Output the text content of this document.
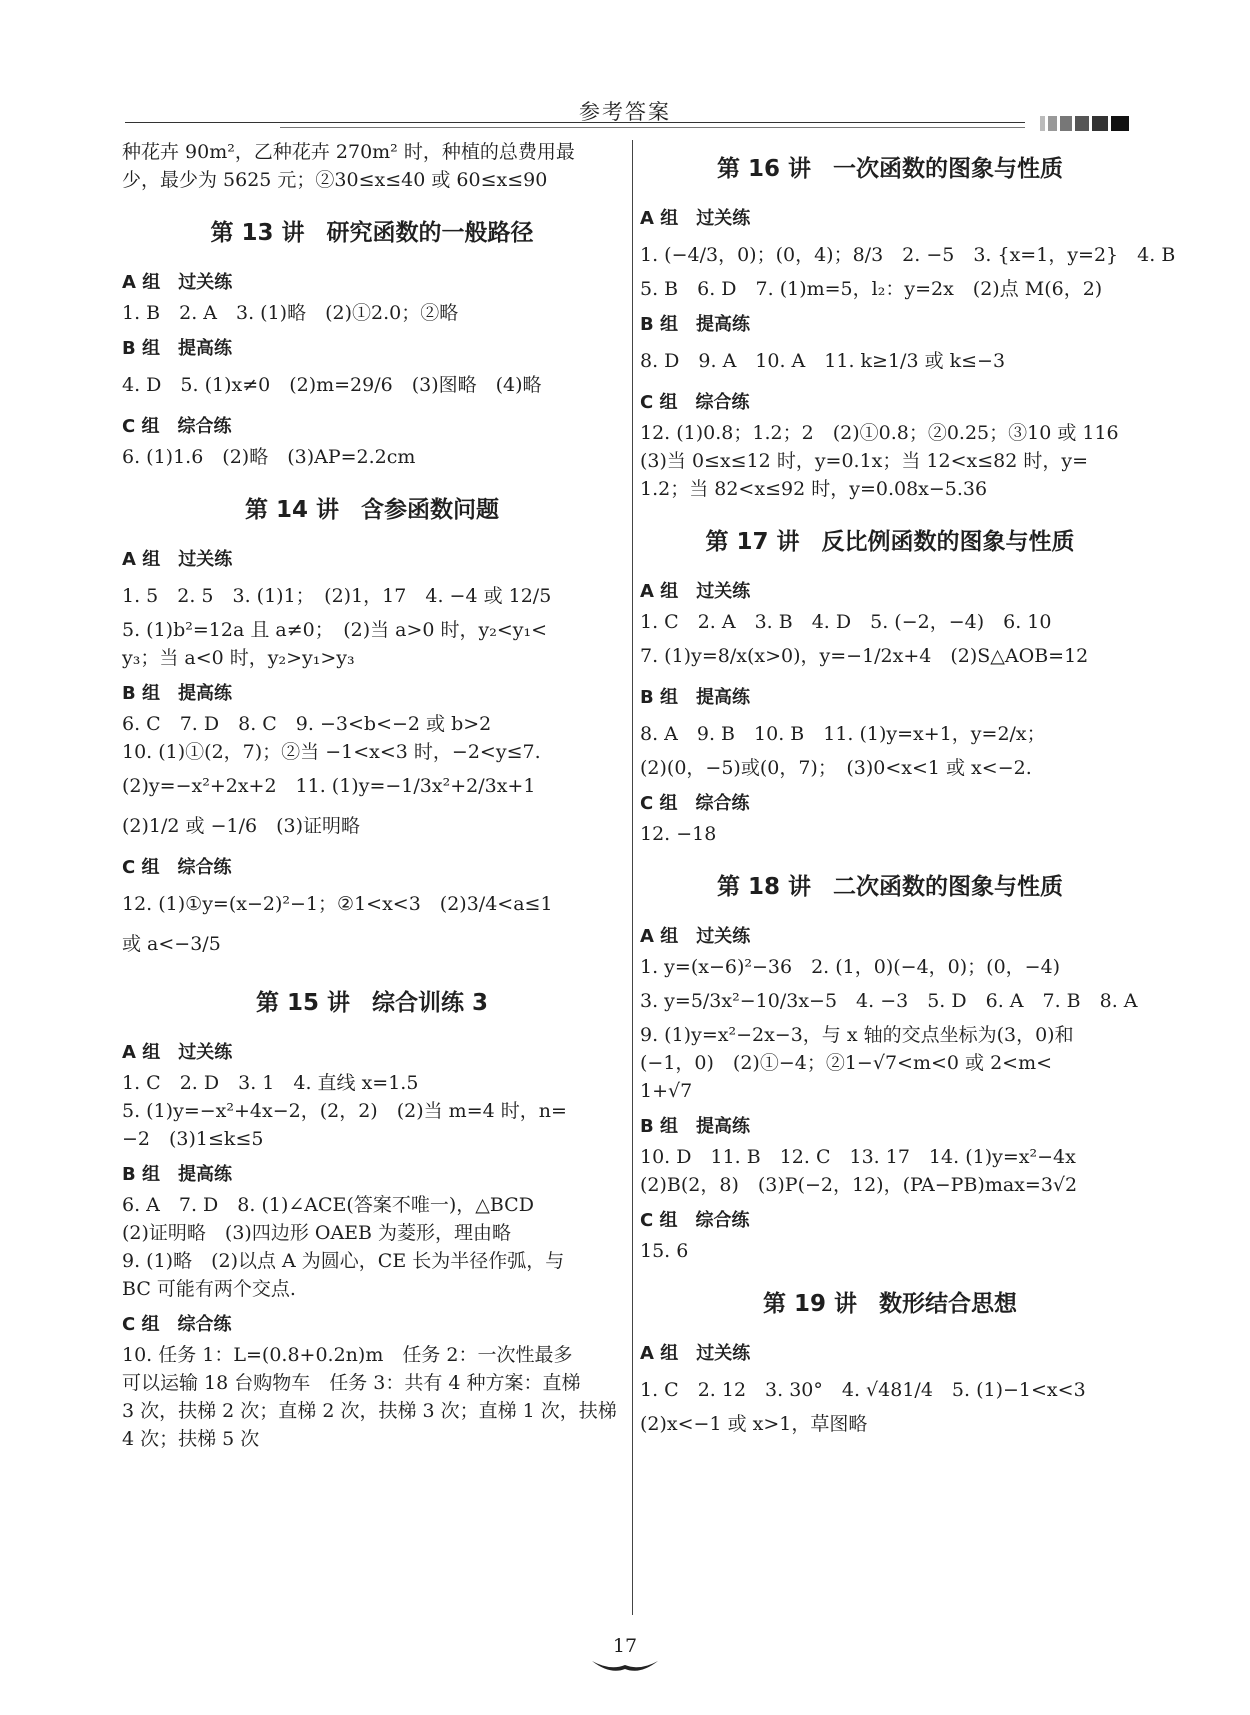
参考答案
种花卉 90m²，乙种花卉 270m² 时，种植的总费用最
少，最少为 5625 元；②30≤x≤40 或 60≤x≤90
第 13 讲 研究函数的一般路径
A 组 过关练
1. B　2. A　3. (1)略　(2)①2.0；②略
B 组 提高练
4. D　5. (1)x≠0　(2)m=29/6　(3)图略　(4)略
C 组 综合练
6. (1)1.6　(2)略　(3)AP=2.2cm
第 14 讲 含参函数问题
A 组 过关练
1. 5　2. 5　3. (1)1；　(2)1，17　4. −4 或 12/5
5. (1)b²=12a 且 a≠0；　(2)当 a>0 时，y₂<y₁<
y₃；当 a<0 时，y₂>y₁>y₃
B 组 提高练
6. C　7. D　8. C　9. −3<b<−2 或 b>2
10. (1)①(2，7)；②当 −1<x<3 时，−2<y≤7.
(2)y=−x²+2x+2　11. (1)y=−1/3x²+2/3x+1
(2)1/2 或 −1/6　(3)证明略
C 组 综合练
12. (1)①y=(x−2)²−1；②1<x<3　(2)3/4<a≤1
或 a<−3/5
第 15 讲 综合训练 3
A 组 过关练
1. C　2. D　3. 1　4. 直线 x=1.5
5. (1)y=−x²+4x−2，(2，2)　(2)当 m=4 时，n=
−2　(3)1≤k≤5
B 组 提高练
6. A　7. D　8. (1)∠ACE(答案不唯一)，△BCD
(2)证明略　(3)四边形 OAEB 为菱形，理由略
9. (1)略　(2)以点 A 为圆心，CE 长为半径作弧，与
BC 可能有两个交点.
C 组 综合练
10. 任务 1：L=(0.8+0.2n)m　任务 2：一次性最多
可以运输 18 台购物车　任务 3：共有 4 种方案：直梯
3 次，扶梯 2 次；直梯 2 次，扶梯 3 次；直梯 1 次，扶梯
4 次；扶梯 5 次
第 16 讲 一次函数的图象与性质
A 组 过关练
1. (−4/3，0)；(0，4)；8/3　2. −5　3. {x=1，y=2}　4. B
5. B　6. D　7. (1)m=5，l₂：y=2x　(2)点 M(6，2)
B 组 提高练
8. D　9. A　10. A　11. k≥1/3 或 k≤−3
C 组 综合练
12. (1)0.8；1.2；2　(2)①0.8；②0.25；③10 或 116
(3)当 0≤x≤12 时，y=0.1x；当 12<x≤82 时，y=
1.2；当 82<x≤92 时，y=0.08x−5.36
第 17 讲 反比例函数的图象与性质
A 组 过关练
1. C　2. A　3. B　4. D　5. (−2，−4)　6. 10
7. (1)y=8/x(x>0)，y=−1/2x+4　(2)S△AOB=12
B 组 提高练
8. A　9. B　10. B　11. (1)y=x+1，y=2/x；
(2)(0，−5)或(0，7)；　(3)0<x<1 或 x<−2.
C 组 综合练
12. −18
第 18 讲 二次函数的图象与性质
A 组 过关练
1. y=(x−6)²−36　2. (1，0)(−4，0)；(0，−4)
3. y=5/3x²−10/3x−5　4. −3　5. D　6. A　7. B　8. A
9. (1)y=x²−2x−3，与 x 轴的交点坐标为(3，0)和
(−1，0)　(2)①−4；②1−√7<m<0 或 2<m<
1+√7
B 组 提高练
10. D　11. B　12. C　13. 17　14. (1)y=x²−4x
(2)B(2，8)　(3)P(−2，12)，(PA−PB)max=3√2
C 组 综合练
15. 6
第 19 讲 数形结合思想
A 组 过关练
1. C　2. 12　3. 30°　4. √481/4　5. (1)−1<x<3
(2)x<−1 或 x>1，草图略
17
